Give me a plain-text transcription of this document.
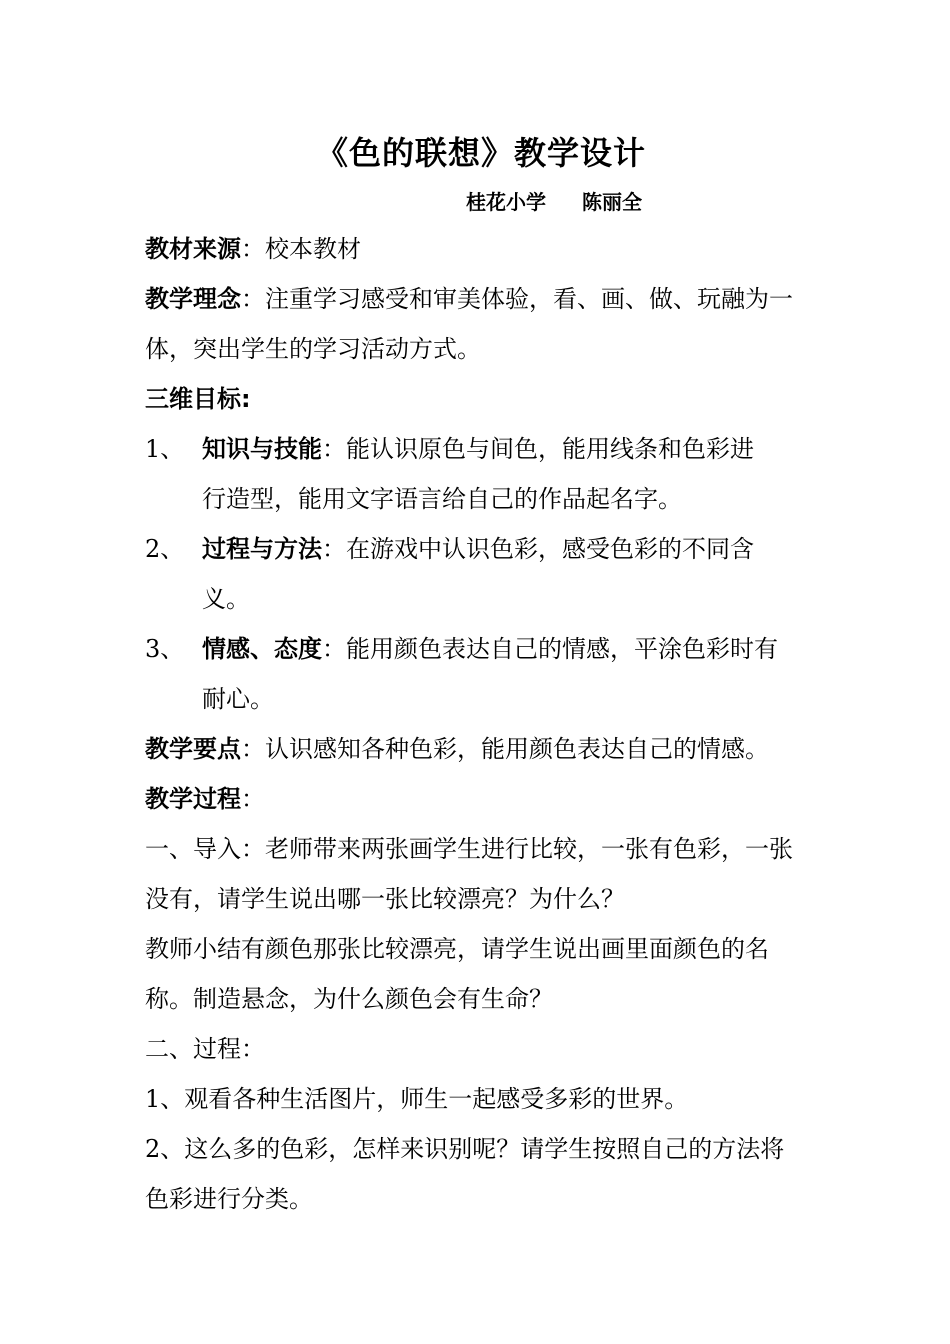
《色的联想》教学设计
桂花小学 陈丽全
教材来源：校本教材
教学理念：注重学习感受和审美体验，看、画、做、玩融为一
体，突出学生的学习活动方式。
三维目标:
1、 知识与技能：能认识原色与间色，能用线条和色彩进
行造型，能用文字语言给自己的作品起名字。
2、 过程与方法：在游戏中认识色彩，感受色彩的不同含
义。
3、 情感、态度：能用颜色表达自己的情感，平涂色彩时有
耐心。
教学要点：认识感知各种色彩，能用颜色表达自己的情感。
教学过程：
一、导入：老师带来两张画学生进行比较，一张有色彩，一张
没有，请学生说出哪一张比较漂亮？为什么？
教师小结有颜色那张比较漂亮，请学生说出画里面颜色的名
称。制造悬念，为什么颜色会有生命？
二、过程：
1、观看各种生活图片，师生一起感受多彩的世界。
2、这么多的色彩，怎样来识别呢？请学生按照自己的方法将
色彩进行分类。
